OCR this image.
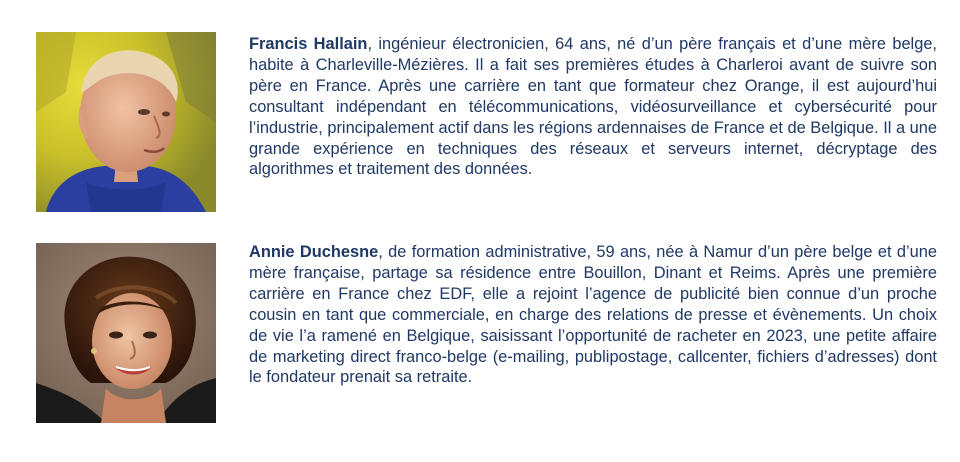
Francis Hallain, ingénieur électronicien, 64 ans, né d’un père français et d’une mère belge, habite à Charleville-Mézières. Il a fait ses premières études à Charleroi avant de suivre son père en France. Après une carrière en tant que formateur chez Orange, il est aujourd’hui consultant indépendant en télécommunications, vidéosurveillance et cybersécurité pour l’industrie, principalement actif dans les régions ardennaises de France et de Belgique. Il a une grande expérience en techniques des réseaux et serveurs internet, décryptage des algorithmes et traitement des données.

Annie Duchesne, de formation administrative, 59 ans, née à Namur d’un père belge et d’une mère française, partage sa résidence entre Bouillon, Dinant et Reims. Après une première carrière en France chez EDF, elle a rejoint l’agence de publicité bien connue d’un proche cousin en tant que commerciale, en charge des relations de presse et évènements. Un choix de vie l’a ramené en Belgique, saisissant l’opportunité de racheter en 2023, une petite affaire de marketing direct franco-belge (e-mailing, publipostage, callcenter, fichiers d’adresses) dont le fondateur prenait sa retraite.
